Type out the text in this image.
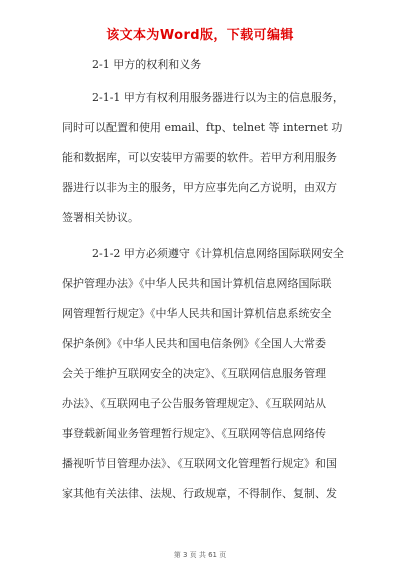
该文本为Word版，下载可编辑
2-1 甲方的权利和义务
2-1-1 甲方有权利用服务器进行以为主的信息服务，
同时可以配置和使用 email、ftp、telnet 等 internet 功
能和数据库，可以安装甲方需要的软件。若甲方利用服务
器进行以非为主的服务，甲方应事先向乙方说明，由双方
签署相关协议。
2-1-2 甲方必须遵守《计算机信息网络国际联网安全
保护管理办法》《中华人民共和国计算机信息网络国际联
网管理暂行规定》《中华人民共和国计算机信息系统安全
保护条例》《中华人民共和国电信条例》《全国人大常委
会关于维护互联网安全的决定》、《互联网信息服务管理
办法》、《互联网电子公告服务管理规定》、《互联网站从
事登载新闻业务管理暂行规定》、《互联网等信息网络传
播视听节目管理办法》、《互联网文化管理暂行规定》和国
家其他有关法律、法规、行政规章，不得制作、复制、发
第 3 页 共 61 页
